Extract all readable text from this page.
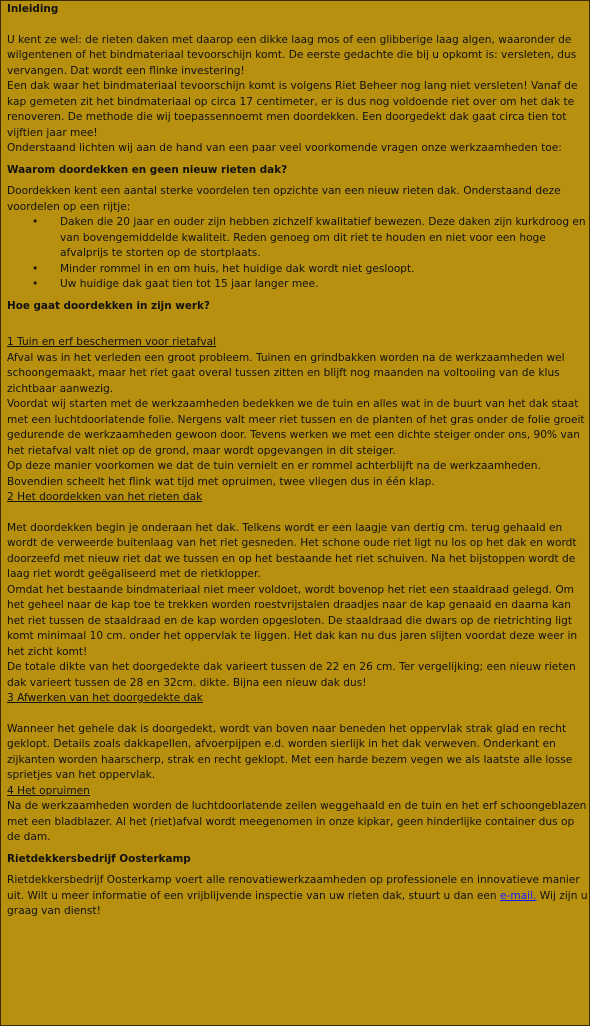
Inleiding

U kent ze wel: de rieten daken met daarop een dikke laag mos of een glibberige laag algen, waaronder de wilgentenen of het bindmateriaal tevoorschijn komt. De eerste gedachte die bij u opkomt is: versleten, dus vervangen. Dat wordt een flinke investering!

Een dak waar het bindmateriaal tevoorschijn komt is volgens Riet Beheer nog lang niet versleten! Vanaf de kap gemeten zit het bindmateriaal op circa 17 centimeter, er is dus nog voldoende riet over om het dak te renoveren. De methode die wij toepassennoemt men doordekken. Een doorgedekt dak gaat circa tien tot vijftien jaar mee!

Onderstaand lichten wij aan de hand van een paar veel voorkomende vragen onze werkzaamheden toe:

Waarom doordekken en geen nieuw rieten dak?

Doordekken kent een aantal sterke voordelen ten opzichte van een nieuw rieten dak. Onderstaand deze voordelen op een rijtje:

• Daken die 20 jaar en ouder zijn hebben zichzelf kwalitatief bewezen. Deze daken zijn kurkdroog en van bovengemiddelde kwaliteit. Reden genoeg om dit riet te houden en niet voor een hoge afvalprijs te storten op de stortplaats.
• Minder rommel in en om huis, het huidige dak wordt niet gesloopt.
• Uw huidige dak gaat tien tot 15 jaar langer mee.
Hoe gaat doordekken in zijn werk?

1 Tuin en erf beschermen voor rietafval

Afval was in het verleden een groot probleem. Tuinen en grindbakken worden na de werkzaamheden wel schoongemaakt, maar het riet gaat overal tussen zitten en blijft nog maanden na voltooiing van de klus zichtbaar aanwezig.

Voordat wij starten met de werkzaamheden bedekken we de tuin en alles wat in de buurt van het dak staat met een luchtdoorlatende folie. Nergens valt meer riet tussen en de planten of het gras onder de folie groeit gedurende de werkzaamheden gewoon door. Tevens werken we met een dichte steiger onder ons, 90% van het rietafval valt niet op de grond, maar wordt opgevangen in dit steiger.

Op deze manier voorkomen we dat de tuin vernielt en er rommel achterblijft na de werkzaamheden. Bovendien scheelt het flink wat tijd met opruimen, twee vliegen dus in één klap.

2 Het doordekken van het rieten dak

Met doordekken begin je onderaan het dak. Telkens wordt er een laagje van dertig cm. terug gehaald en wordt de verweerde buitenlaag van het riet gesneden. Het schone oude riet ligt nu los op het dak en wordt doorzeefd met nieuw riet dat we tussen en op het bestaande het riet schuiven. Na het bijstoppen wordt de laag riet wordt geëgaliseerd met de rietklopper.

Omdat het bestaande bindmateriaal niet meer voldoet, wordt bovenop het riet een staaldraad gelegd. Om het geheel naar de kap toe te trekken worden roestvrijstalen draadjes naar de kap genaaid en daarna kan het riet tussen de staaldraad en de kap worden opgesloten. De staaldraad die dwars op de rietrichting ligt komt minimaal 10 cm. onder het oppervlak te liggen. Het dak kan nu dus jaren slijten voordat deze weer in het zicht komt!

De totale dikte van het doorgedekte dak varieert tussen de 22 en 26 cm. Ter vergelijking; een nieuw rieten dak varieert tussen de 28 en 32cm. dikte. Bijna een nieuw dak dus!

3 Afwerken van het doorgedekte dak

Wanneer het gehele dak is doorgedekt, wordt van boven naar beneden het oppervlak strak glad en recht geklopt. Details zoals dakkapellen, afvoerpijpen e.d. worden sierlijk in het dak verweven. Onderkant en zijkanten worden haarscherp, strak en recht geklopt. Met een harde bezem vegen we als laatste alle losse sprietjes van het oppervlak.

4 Het opruimen

Na de werkzaamheden worden de luchtdoorlatende zeilen weggehaald en de tuin en het erf schoongeblazen met een bladblazer. Al het (riet)afval wordt meegenomen in onze kipkar, geen hinderlijke container dus op de dam.

Rietdekkersbedrijf Oosterkamp

Rietdekkersbedrijf Oosterkamp voert alle renovatiewerkzaamheden op professionele en innovatieve manier uit. Wilt u meer informatie of een vrijblijvende inspectie van uw rieten dak, stuurt u dan een e-mail. Wij zijn u graag van dienst!
